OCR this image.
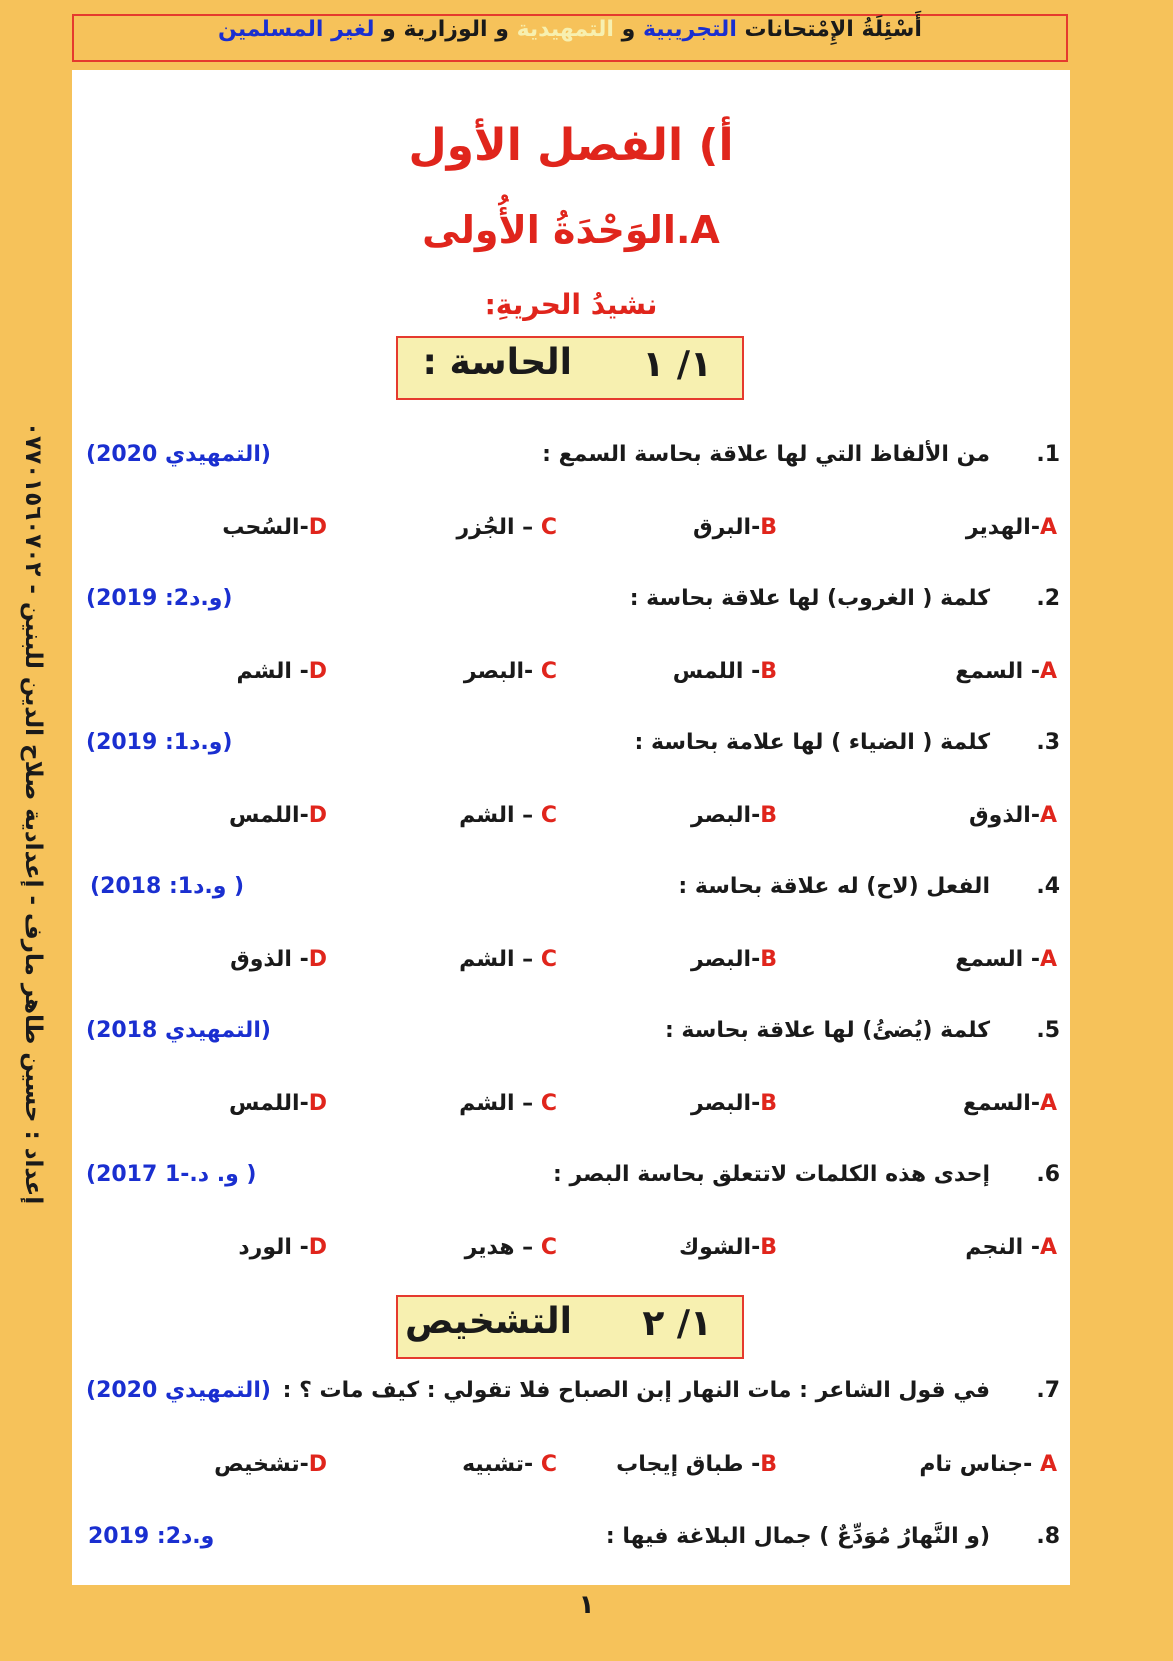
أَسْئِلَةُ الإِمْتحانات التجريبية و التمهيدية و الوزارية و لغير المسلمين
إعداد : حسين طاهر مارف - إعدادية صلاح الدين للبنين - ٠٧٧٠١٥٦٠٧٠٢
أ) الفصل الأول
A.الوَحْدَةُ الأُولى
نشيدُ الحريةِ:
١/ ١
الحاسة :
١/ ٢
التشخيص
1.
من الألفاظ التي لها علاقة بحاسة السمع :
(التمهيدي 2020)
A-الهدير
B-البرق
C – الجُزر
D-السُحب
2.
كلمة ( الغروب) لها علاقة بحاسة :
(و.د2: 2019)
A- السمع
B- اللمس
C -البصر
D- الشم
3.
كلمة ( الضياء ) لها علامة بحاسة :
(و.د1: 2019)
A-الذوق
B-البصر
C – الشم
D-اللمس
4.
الفعل (لاح) له علاقة بحاسة :
( و.د1: 2018)
A- السمع
B-البصر
C – الشم
D- الذوق
5.
كلمة (يُضئُ) لها علاقة بحاسة :
(التمهيدي 2018)
A-السمع
B-البصر
C – الشم
D-اللمس
6.
إحدى هذه الكلمات لاتتعلق بحاسة البصر :
( و. د.-1 2017)
A- النجم
B-الشوك
C – هدير
D- الورد
7.
في قول الشاعر : مات النهار إبن الصباح فلا تقولي : كيف مات ؟ :
(التمهيدي 2020)
A -جناس تام
B- طباق إيجاب
C -تشبيه
D-تشخيص
8.
(و النَّهارُ مُوَدِّعٌ ) جمال البلاغة فيها :
و.د2: 2019
١
